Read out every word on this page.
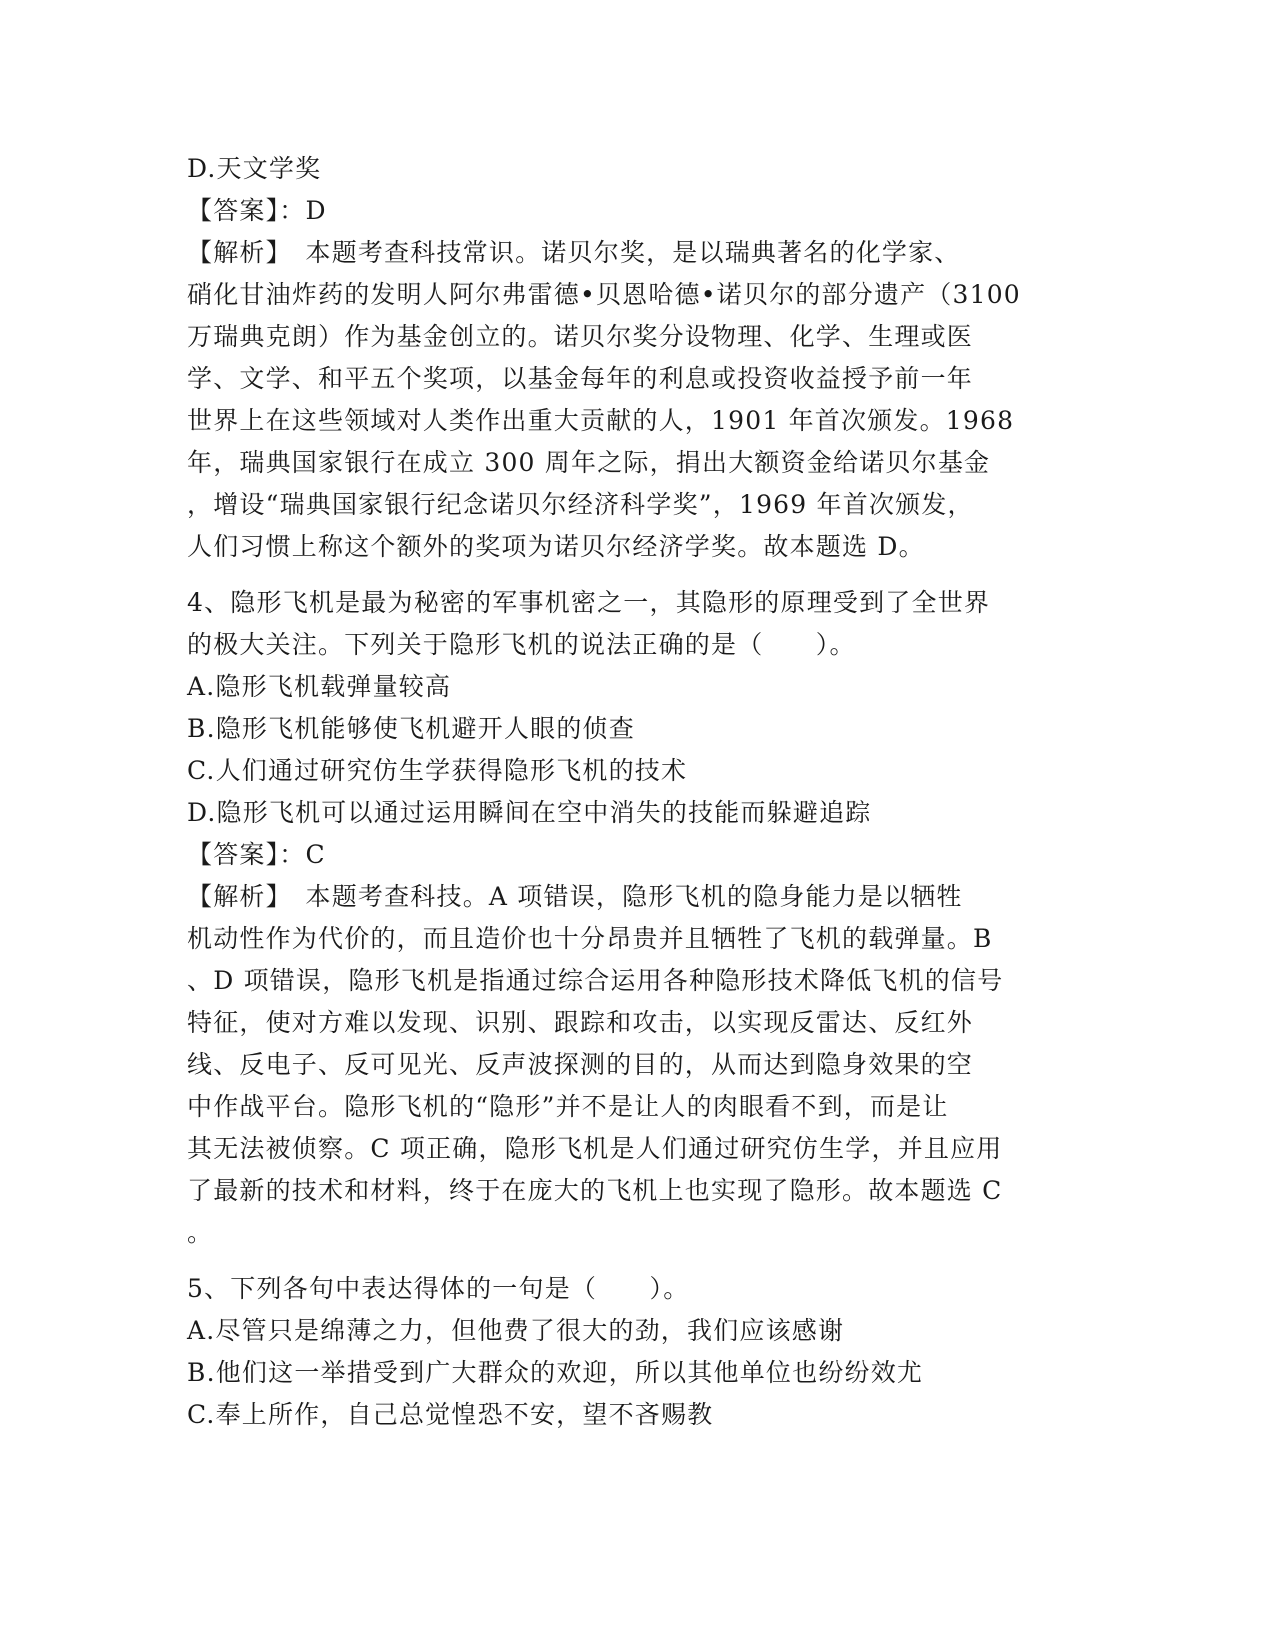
D.天文学奖

【答案】：D

【解析】　本题考查科技常识。诺贝尔奖，是以瑞典著名的化学家、

硝化甘油炸药的发明人阿尔弗雷德•贝恩哈德•诺贝尔的部分遗产（3100

万瑞典克朗）作为基金创立的。诺贝尔奖分设物理、化学、生理或医

学、文学、和平五个奖项，以基金每年的利息或投资收益授予前一年

世界上在这些领域对人类作出重大贡献的人，1901 年首次颁发。1968

年，瑞典国家银行在成立 300 周年之际，捐出大额资金给诺贝尔基金

，增设“瑞典国家银行纪念诺贝尔经济科学奖”，1969 年首次颁发，

人们习惯上称这个额外的奖项为诺贝尔经济学奖。故本题选 D。

4、隐形飞机是最为秘密的军事机密之一，其隐形的原理受到了全世界

的极大关注。下列关于隐形飞机的说法正确的是（　　）。

A.隐形飞机载弹量较高

B.隐形飞机能够使飞机避开人眼的侦查

C.人们通过研究仿生学获得隐形飞机的技术

D.隐形飞机可以通过运用瞬间在空中消失的技能而躲避追踪

【答案】：C

【解析】　本题考查科技。A 项错误，隐形飞机的隐身能力是以牺牲

机动性作为代价的，而且造价也十分昂贵并且牺牲了飞机的载弹量。B

、D 项错误，隐形飞机是指通过综合运用各种隐形技术降低飞机的信号

特征，使对方难以发现、识别、跟踪和攻击，以实现反雷达、反红外

线、反电子、反可见光、反声波探测的目的，从而达到隐身效果的空

中作战平台。隐形飞机的“隐形”并不是让人的肉眼看不到，而是让

其无法被侦察。C 项正确，隐形飞机是人们通过研究仿生学，并且应用

了最新的技术和材料，终于在庞大的飞机上也实现了隐形。故本题选 C

。

5、下列各句中表达得体的一句是（　　）。

A.尽管只是绵薄之力，但他费了很大的劲，我们应该感谢

B.他们这一举措受到广大群众的欢迎，所以其他单位也纷纷效尤

C.奉上所作，自己总觉惶恐不安，望不吝赐教
